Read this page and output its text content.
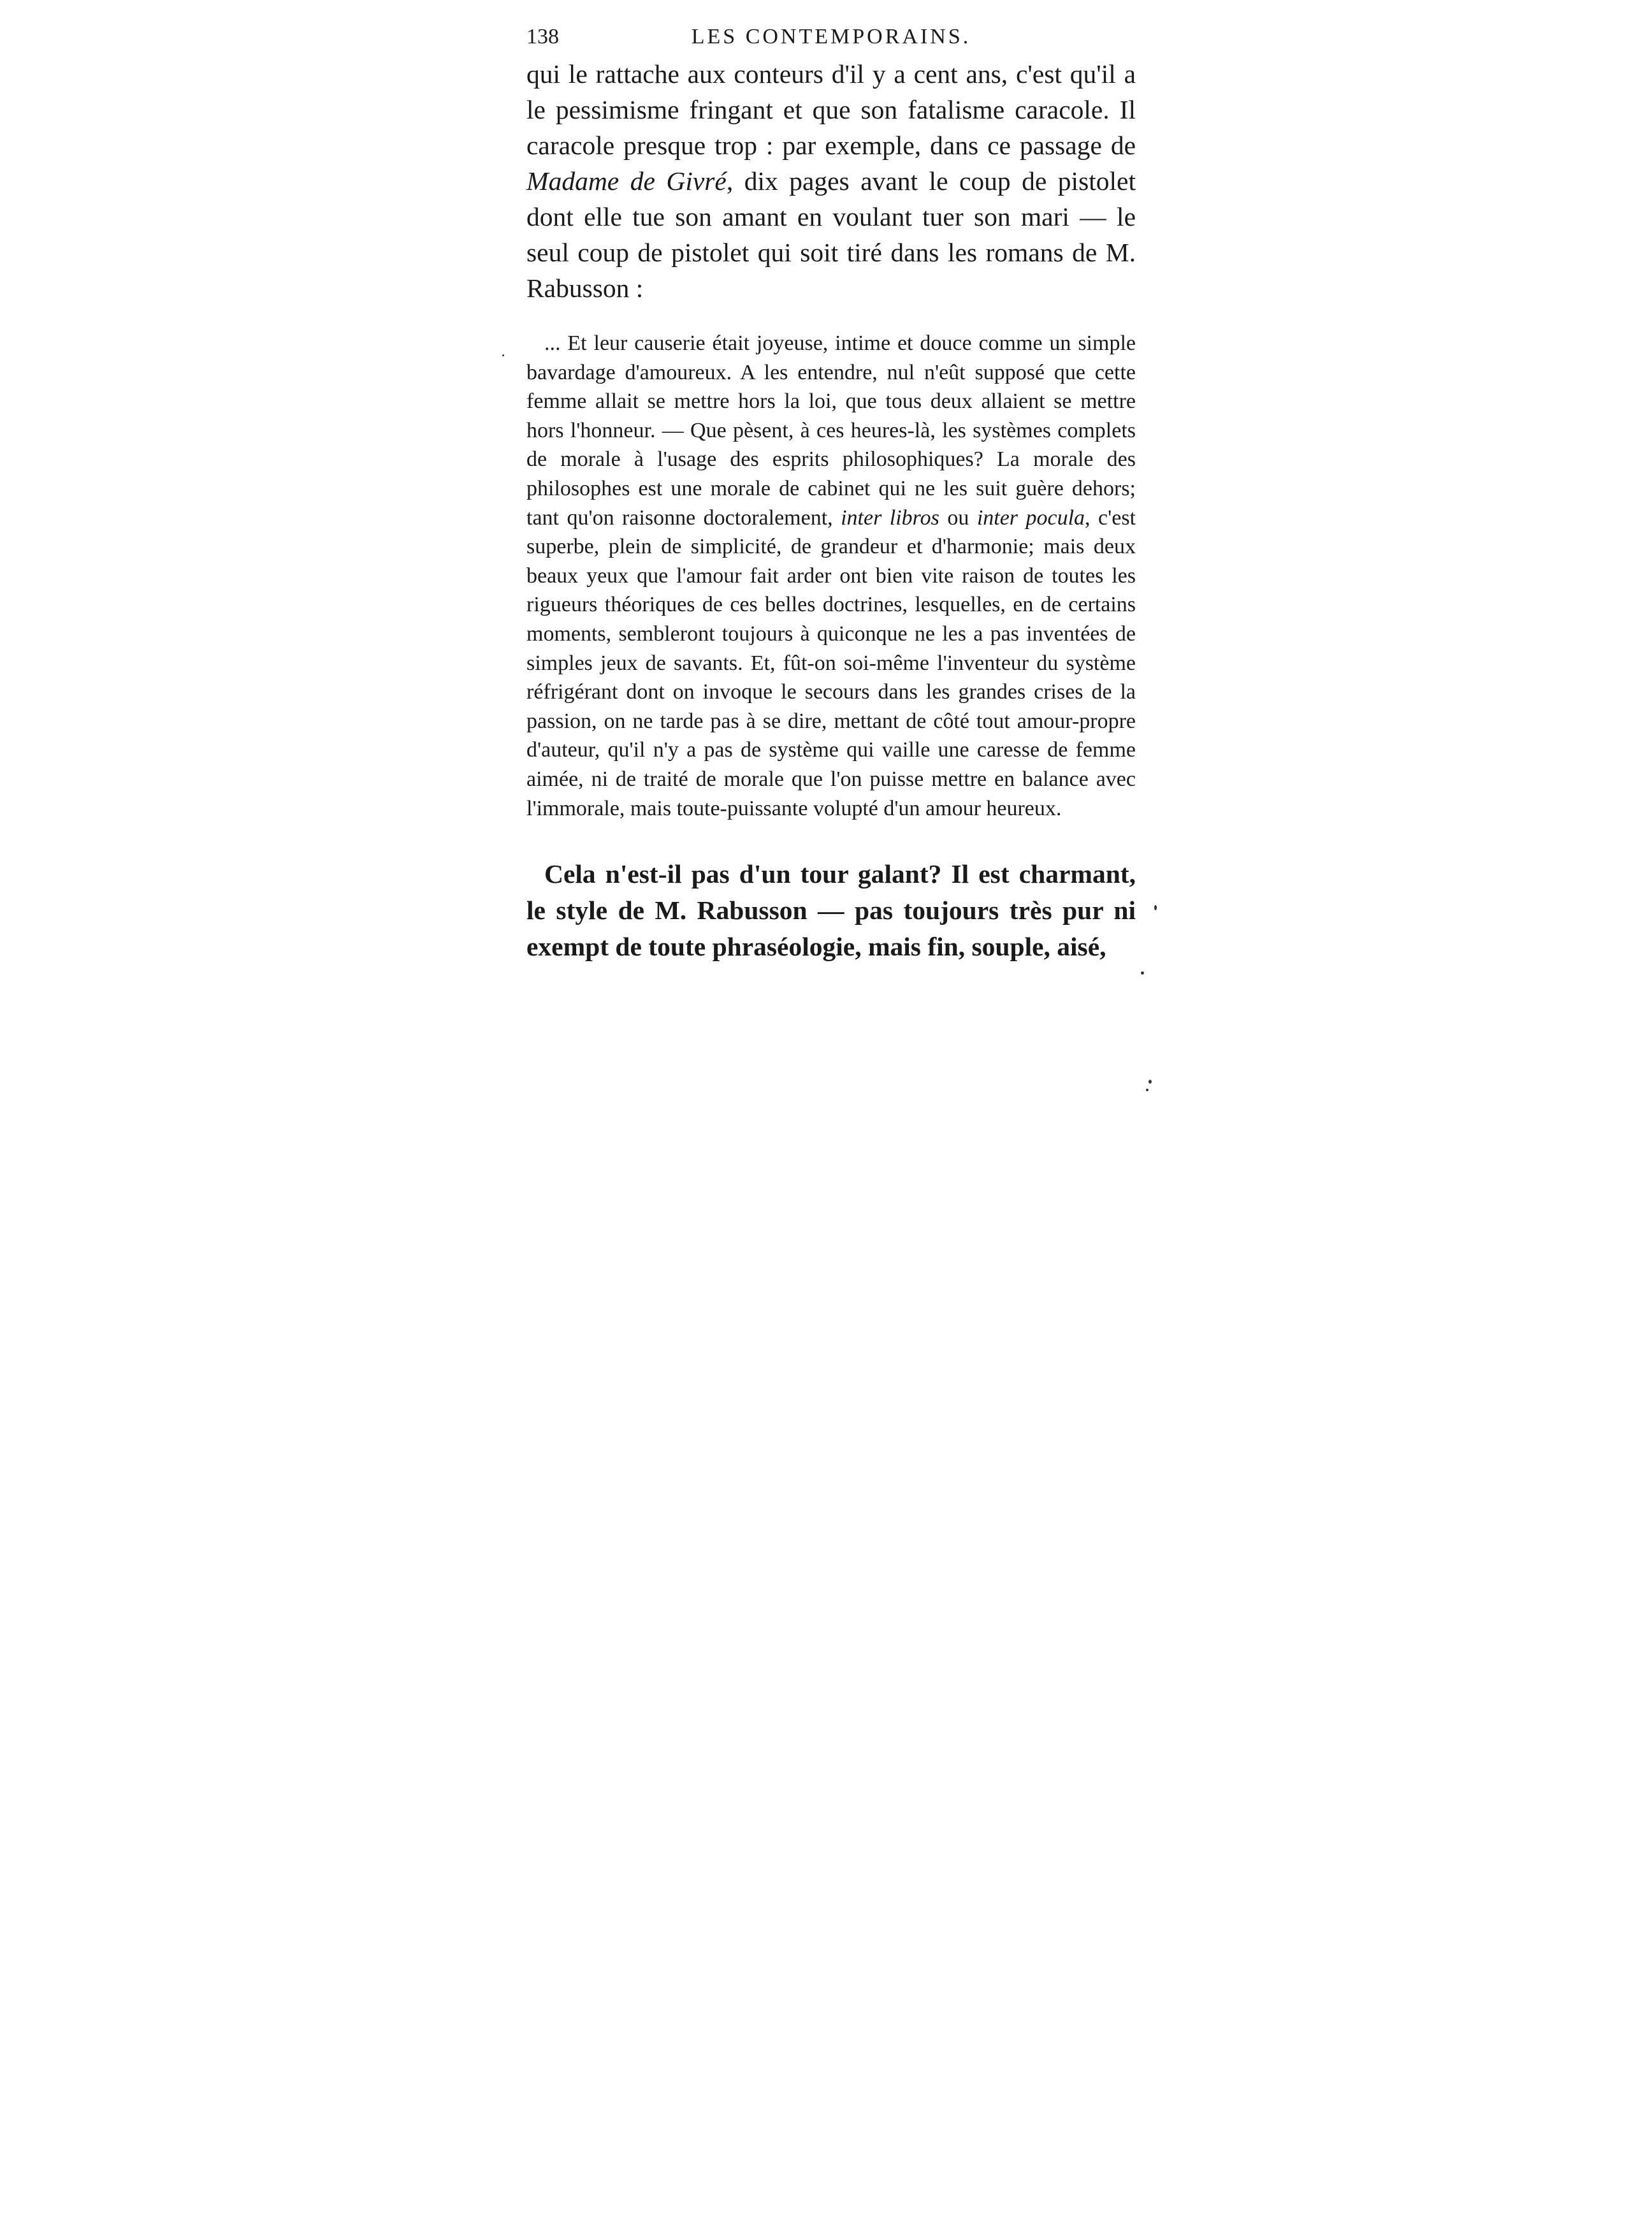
138	LES CONTEMPORAINS.

qui le rattache aux conteurs d'il y a cent ans, c'est qu'il a le pessimisme fringant et que son fatalisme caracole. Il caracole presque trop : par exemple, dans ce passage de Madame de Givré, dix pages avant le coup de pistolet dont elle tue son amant en voulant tuer son mari — le seul coup de pistolet qui soit tiré dans les romans de M. Rabusson :

... Et leur causerie était joyeuse, intime et douce comme un simple bavardage d'amoureux. A les entendre, nul n'eût supposé que cette femme allait se mettre hors la loi, que tous deux allaient se mettre hors l'honneur. — Que pèsent, à ces heures-là, les systèmes complets de morale à l'usage des esprits philosophiques? La morale des philosophes est une morale de cabinet qui ne les suit guère dehors; tant qu'on raisonne doctoralement, inter libros ou inter pocula, c'est superbe, plein de simplicité, de grandeur et d'harmonie; mais deux beaux yeux que l'amour fait arder ont bien vite raison de toutes les rigueurs théoriques de ces belles doctrines, lesquelles, en de certains moments, sembleront toujours à quiconque ne les a pas inventées de simples jeux de savants. Et, fût-on soi-même l'inventeur du système réfrigérant dont on invoque le secours dans les grandes crises de la passion, on ne tarde pas à se dire, mettant de côté tout amour-propre d'auteur, qu'il n'y a pas de système qui vaille une caresse de femme aimée, ni de traité de morale que l'on puisse mettre en balance avec l'immorale, mais toute-puissante volupté d'un amour heureux.

Cela n'est-il pas d'un tour galant? Il est charmant, le style de M. Rabusson — pas toujours très pur ni exempt de toute phraséologie, mais fin, souple, aisé,
